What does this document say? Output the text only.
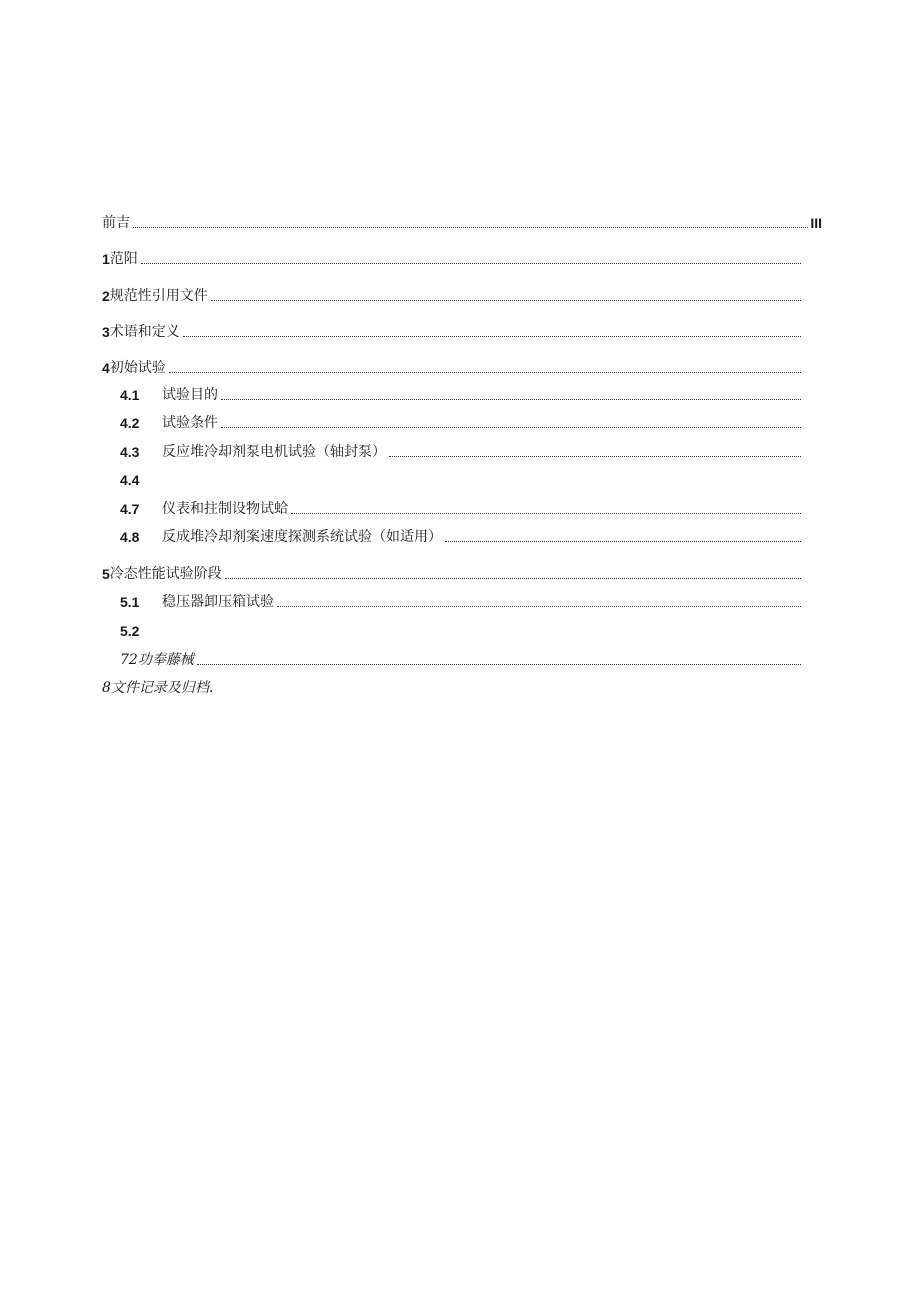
前吉	III
1 范阳
2 规范性引用文件
3 术语和定义
4 初始试验
4.1	试验目的
4.2	试验条件
4.3	反应堆冷却剂泵电机试验（轴封泵）
4.4
4.7	仪表和拄制设物试蛤
4.8	反成堆冷却剂案速度探测系统试验（如适用）
5 冷态性能试验阶段
5.1	稳压器卸压箱试验
5.2
72功奉藤械
8文件记录及归档.
